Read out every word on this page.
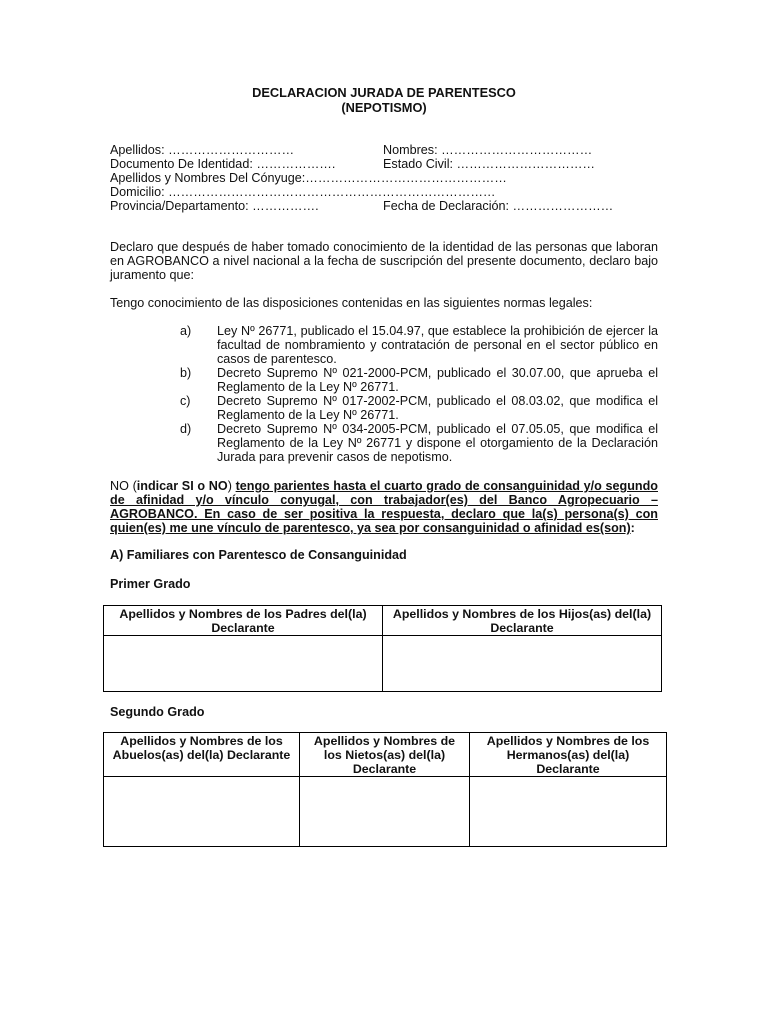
DECLARACION JURADA DE PARENTESCO
(NEPOTISMO)
Apellidos: …………………………	Nombres: ………………………………
Documento De Identidad: ……………….	Estado Civil: ……………………………
Apellidos y Nombres Del Cónyuge:…………………………………………
Domicilio: ……………………………………………………………………
Provincia/Departamento: …………….	Fecha de Declaración: ……………………
Declaro que después de haber tomado conocimiento de la identidad de las personas que laboran en AGROBANCO a nivel nacional a la fecha de suscripción del presente documento, declaro bajo juramento que:
Tengo conocimiento de las disposiciones contenidas en las siguientes normas legales:
a) Ley Nº 26771, publicado el 15.04.97, que establece la prohibición de ejercer la facultad de nombramiento y contratación de personal en el sector público en casos de parentesco.
b) Decreto Supremo Nº 021-2000-PCM, publicado el 30.07.00, que aprueba el Reglamento de la Ley Nº 26771.
c) Decreto Supremo Nº 017-2002-PCM, publicado el 08.03.02, que modifica el Reglamento de la Ley Nº 26771.
d) Decreto Supremo Nº 034-2005-PCM, publicado el 07.05.05, que modifica el Reglamento de la Ley Nº 26771 y dispone el otorgamiento de la Declaración Jurada para prevenir casos de nepotismo.
NO (indicar SI o NO) tengo parientes hasta el cuarto grado de consanguinidad y/o segundo de afinidad y/o vínculo conyugal, con trabajador(es) del Banco Agropecuario – AGROBANCO. En caso de ser positiva la respuesta, declaro que la(s) persona(s) con quien(es) me une vínculo de parentesco, ya sea por consanguinidad o afinidad es(son):
A) Familiares con Parentesco de Consanguinidad
Primer Grado
Apellidos y Nombres de los Padres del(la) Declarante	Apellidos y Nombres de los Hijos(as) del(la) Declarante

Segundo Grado
Apellidos y Nombres de los Abuelos(as) del(la) Declarante	Apellidos y Nombres de los Nietos(as) del(la) Declarante	Apellidos y Nombres de los Hermanos(as) del(la) Declarante
